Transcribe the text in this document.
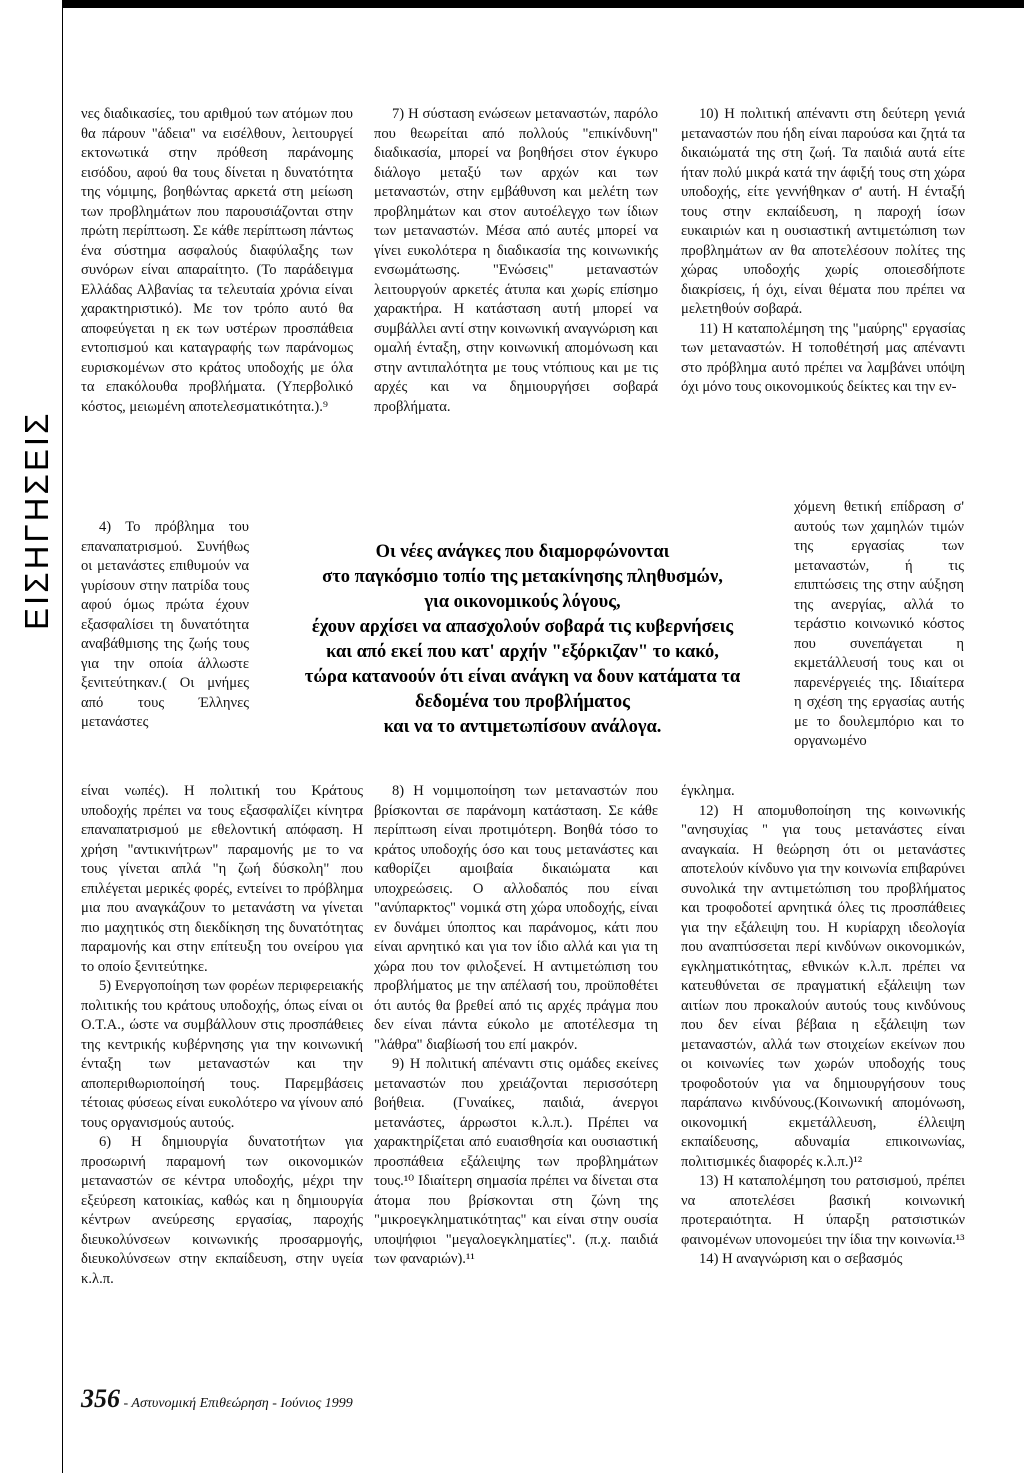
ΕΙΣΗΓΗΣΕΙΣ

νες διαδικασίες, του αριθμού των ατόμων που θα πάρουν "άδεια" να εισέλθουν, λειτουργεί εκτονωτικά στην πρόθεση παράνομης εισόδου, αφού θα τους δίνεται η δυνατότητα της νόμιμης, βοηθώντας αρκετά στη μείωση των προβλημάτων που παρουσιάζονται στην πρώτη περίπτωση. Σε κάθε περίπτωση πάντως ένα σύστημα ασφαλούς διαφύλαξης των συνόρων είναι απαραίτητο. (Το παράδειγμα Ελλάδας Αλβανίας τα τελευταία χρόνια είναι χαρακτηριστικό). Με τον τρόπο αυτό θα αποφεύγεται η εκ των υστέρων προσπάθεια εντοπισμού και καταγραφής των παράνομως ευρισκομένων στο κράτος υποδοχής με όλα τα επακόλουθα προβλήματα. (Υπερβολικό κόστος, μειωμένη αποτελεσματικότητα.).⁹

4) Το πρόβλημα του επαναπατρισμού. Συνήθως οι μετανάστες επιθυμούν να γυρίσουν στην πατρίδα τους αφού όμως πρώτα έχουν εξασφαλίσει τη δυνατότητα αναβάθμισης της ζωής τους για την οποία άλλωστε ξενιτεύτηκαν.( Οι μνήμες από τους Έλληνες μετανάστες

είναι νωπές). Η πολιτική του Κράτους υποδοχής πρέπει να τους εξασφαλίζει κίνητρα επαναπατρισμού με εθελοντική απόφαση. Η χρήση "αντικινήτρων" παραμονής με το να τους γίνεται απλά "η ζωή δύσκολη" που επιλέγεται μερικές φορές, εντείνει το πρόβλημα μια που αναγκάζουν το μετανάστη να γίνεται πιο μαχητικός στη διεκδίκηση της δυνατότητας παραμονής και στην επίτευξη του ονείρου για το οποίο ξενιτεύτηκε.

5) Ενεργοποίηση των φορέων περιφερειακής πολιτικής του κράτους υποδοχής, όπως είναι οι Ο.Τ.Α., ώστε να συμβάλλουν στις προσπάθειες της κεντρικής κυβέρνησης για την κοινωνική ένταξη των μεταναστών και την αποπεριθωριοποίησή τους. Παρεμβάσεις τέτοιας φύσεως είναι ευκολότερο να γίνουν από τους οργανισμούς αυτούς.

6) Η δημιουργία δυνατοτήτων για προσωρινή παραμονή των οικονομικών μεταναστών σε κέντρα υποδοχής, μέχρι την εξεύρεση κατοικίας, καθώς και η δημιουργία κέντρων ανεύρεσης εργασίας, παροχής διευκολύνσεων κοινωνικής προσαρμογής, διευκολύνσεων στην εκπαίδευση, στην υγεία κ.λ.π.

7) Η σύσταση ενώσεων μεταναστών, παρόλο που θεωρείται από πολλούς "επικίνδυνη" διαδικασία, μπορεί να βοηθήσει στον έγκυρο διάλογο μεταξύ των αρχών και των μεταναστών, στην εμβάθυνση και μελέτη των προβλημάτων και στον αυτοέλεγχο των ίδιων των μεταναστών. Μέσα από αυτές μπορεί να γίνει ευκολότερα η διαδικασία της κοινωνικής ενσωμάτωσης. "Ενώσεις" μεταναστών λειτουργούν αρκετές άτυπα και χωρίς επίσημο χαρακτήρα. Η κατάσταση αυτή μπορεί να συμβάλλει αντί στην κοινωνική αναγνώριση και ομαλή ένταξη, στην κοινωνική απομόνωση και στην αντιπαλότητα με τους ντόπιους και με τις αρχές και να δημιουργήσει σοβαρά προβλήματα.

10) Η πολιτική απέναντι στη δεύτερη γενιά μεταναστών που ήδη είναι παρούσα και ζητά τα δικαιώματά της στη ζωή. Τα παιδιά αυτά είτε ήταν πολύ μικρά κατά την άφιξή τους στη χώρα υποδοχής, είτε γεννήθηκαν σ' αυτή. Η ένταξή τους στην εκπαίδευση, η παροχή ίσων ευκαιριών και η ουσιαστική αντιμετώπιση των προβλημάτων αν θα αποτελέσουν πολίτες της χώρας υποδοχής χωρίς οποιεσδήποτε διακρίσεις, ή όχι, είναι θέματα που πρέπει να μελετηθούν σοβαρά.

11) Η καταπολέμηση της "μαύρης" εργασίας των μεταναστών. Η τοποθέτησή μας απέναντι στο πρόβλημα αυτό πρέπει να λαμβάνει υπόψη όχι μόνο τους οικονομικούς δείκτες και την εν-

χόμενη θετική επίδραση σ' αυτούς των χαμηλών τιμών της εργασίας των μεταναστών, ή τις επιπτώσεις της στην αύξηση της ανεργίας, αλλά το τεράστιο κοινωνικό κόστος που συνεπάγεται η εκμετάλλευσή τους και οι παρενέργειές της. Ιδιαίτερα η σχέση της εργασίας αυτής με το δουλεμπόριο και το οργανωμένο

Οι νέες ανάγκες που διαμορφώνονται
στο παγκόσμιο τοπίο της μετακίνησης πληθυσμών,
για οικονομικούς λόγους,
έχουν αρχίσει να απασχολούν σοβαρά τις κυβερνήσεις
και από εκεί που κατ' αρχήν "εξόρκιζαν" το κακό,
τώρα κατανοούν ότι είναι ανάγκη να δουν κατάματα τα
δεδομένα του προβλήματος
και να το αντιμετωπίσουν ανάλογα.

8) Η νομιμοποίηση των μεταναστών που βρίσκονται σε παράνομη κατάσταση. Σε κάθε περίπτωση είναι προτιμότερη. Βοηθά τόσο το κράτος υποδοχής όσο και τους μετανάστες και καθορίζει αμοιβαία δικαιώματα και υποχρεώσεις. Ο αλλοδαπός που είναι "ανύπαρκτος" νομικά στη χώρα υποδοχής, είναι εν δυνάμει ύποπτος και παράνομος, κάτι που είναι αρνητικό και για τον ίδιο αλλά και για τη χώρα που τον φιλοξενεί. Η αντιμετώπιση του προβλήματος με την απέλασή του, προϋποθέτει ότι αυτός θα βρεθεί από τις αρχές πράγμα που δεν είναι πάντα εύκολο με αποτέλεσμα τη "λάθρα" διαβίωσή του επί μακρόν.

9) Η πολιτική απέναντι στις ομάδες εκείνες μεταναστών που χρειάζονται περισσότερη βοήθεια. (Γυναίκες, παιδιά, άνεργοι μετανάστες, άρρωστοι κ.λ.π.). Πρέπει να χαρακτηρίζεται από ευαισθησία και ουσιαστική προσπάθεια εξάλειψης των προβλημάτων τους.¹⁰ Ιδιαίτερη σημασία πρέπει να δίνεται στα άτομα που βρίσκονται στη ζώνη της "μικροεγκληματικότητας" και είναι στην ουσία υποψήφιοι "μεγαλοεγκληματίες". (π.χ. παιδιά των φαναριών).¹¹

έγκλημα.

12) Η απομυθοποίηση της κοινωνικής "ανησυχίας " για τους μετανάστες είναι αναγκαία. Η θεώρηση ότι οι μετανάστες αποτελούν κίνδυνο για την κοινωνία επιβαρύνει συνολικά την αντιμετώπιση του προβλήματος και τροφοδοτεί αρνητικά όλες τις προσπάθειες για την εξάλειψη του. Η κυρίαρχη ιδεολογία που αναπτύσσεται περί κινδύνων οικονομικών, εγκληματικότητας, εθνικών κ.λ.π. πρέπει να κατευθύνεται σε πραγματική εξάλειψη των αιτίων που προκαλούν αυτούς τους κινδύνους που δεν είναι βέβαια η εξάλειψη των μεταναστών, αλλά των στοιχείων εκείνων που οι κοινωνίες των χωρών υποδοχής τους τροφοδοτούν για να δημιουργήσουν τους παράπανω κινδύνους.(Κοινωνική απομόνωση, οικονομική εκμετάλλευση, έλλειψη εκπαίδευσης, αδυναμία επικοινωνίας, πολιτισμικές διαφορές κ.λ.π.)¹²

13) Η καταπολέμηση του ρατσισμού, πρέπει να αποτελέσει βασική κοινωνική προτεραιότητα. Η ύπαρξη ρατσιστικών φαινομένων υπονομεύει την ίδια την κοινωνία.¹³

14) Η αναγνώριση και ο σεβασμός

356 - Αστυνομική Επιθεώρηση - Ιούνιος 1999
